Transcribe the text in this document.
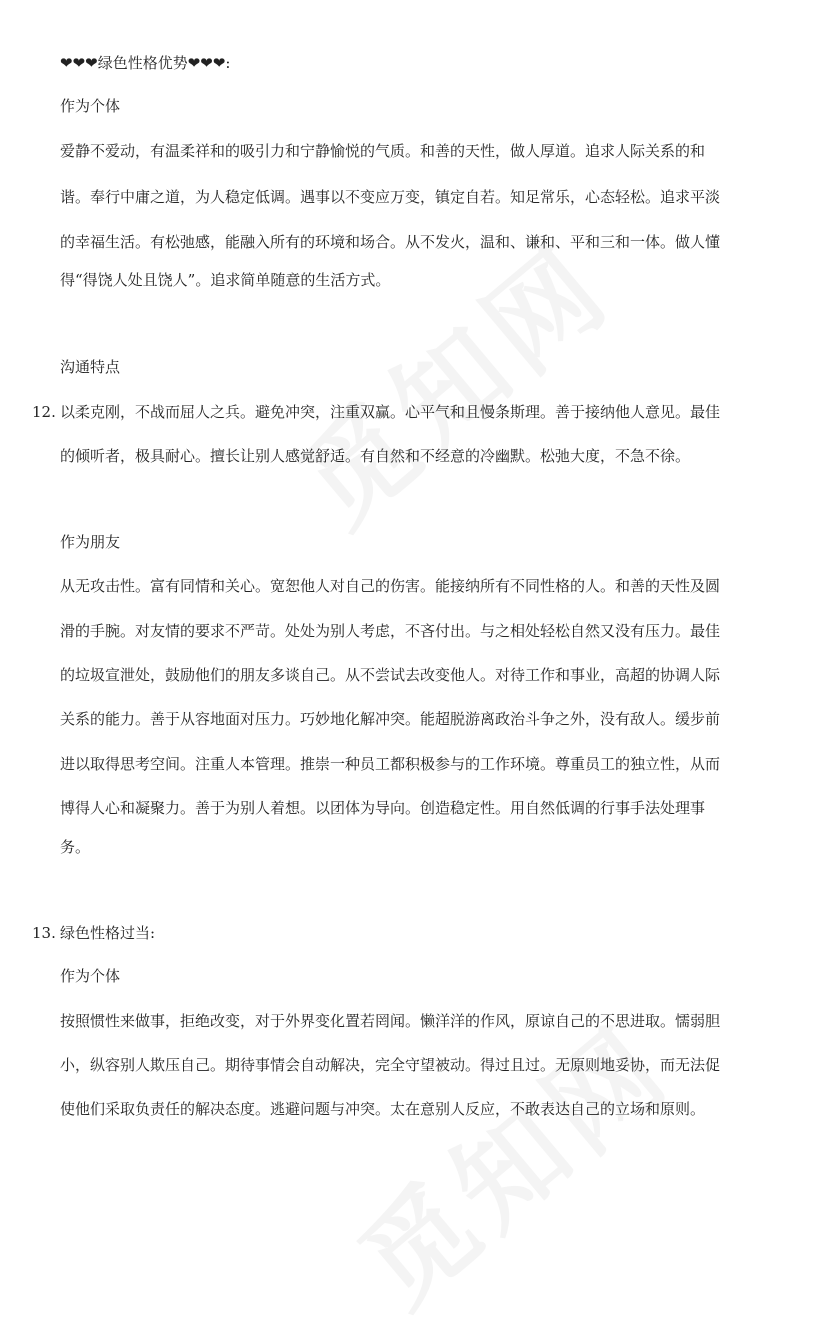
❤❤❤绿色性格优势❤❤❤:
作为个体
爱静不爱动，有温柔祥和的吸引力和宁静愉悦的气质。和善的天性，做人厚道。追求人际关系的和
谐。奉行中庸之道，为人稳定低调。遇事以不变应万变，镇定自若。知足常乐，心态轻松。追求平淡
的幸福生活。有松弛感，能融入所有的环境和场合。从不发火，温和、谦和、平和三和一体。做人懂
得“得饶人处且饶人”。追求简单随意的生活方式。
沟通特点
12. 以柔克刚，不战而屈人之兵。避免冲突，注重双赢。心平气和且慢条斯理。善于接纳他人意见。最佳
的倾听者，极具耐心。擅长让别人感觉舒适。有自然和不经意的冷幽默。松弛大度，不急不徐。
作为朋友
从无攻击性。富有同情和关心。宽恕他人对自己的伤害。能接纳所有不同性格的人。和善的天性及圆
滑的手腕。对友情的要求不严苛。处处为别人考虑，不吝付出。与之相处轻松自然又没有压力。最佳
的垃圾宣泄处，鼓励他们的朋友多谈自己。从不尝试去改变他人。对待工作和事业，高超的协调人际
关系的能力。善于从容地面对压力。巧妙地化解冲突。能超脱游离政治斗争之外，没有敌人。缓步前
进以取得思考空间。注重人本管理。推崇一种员工都积极参与的工作环境。尊重员工的独立性，从而
博得人心和凝聚力。善于为别人着想。以团体为导向。创造稳定性。用自然低调的行事手法处理事
务。
13. 绿色性格过当:
作为个体
按照惯性来做事，拒绝改变，对于外界变化置若罔闻。懒洋洋的作风，原谅自己的不思进取。懦弱胆
小，纵容别人欺压自己。期待事情会自动解决，完全守望被动。得过且过。无原则地妥协，而无法促
使他们采取负责任的解决态度。逃避问题与冲突。太在意别人反应，不敢表达自己的立场和原则。
